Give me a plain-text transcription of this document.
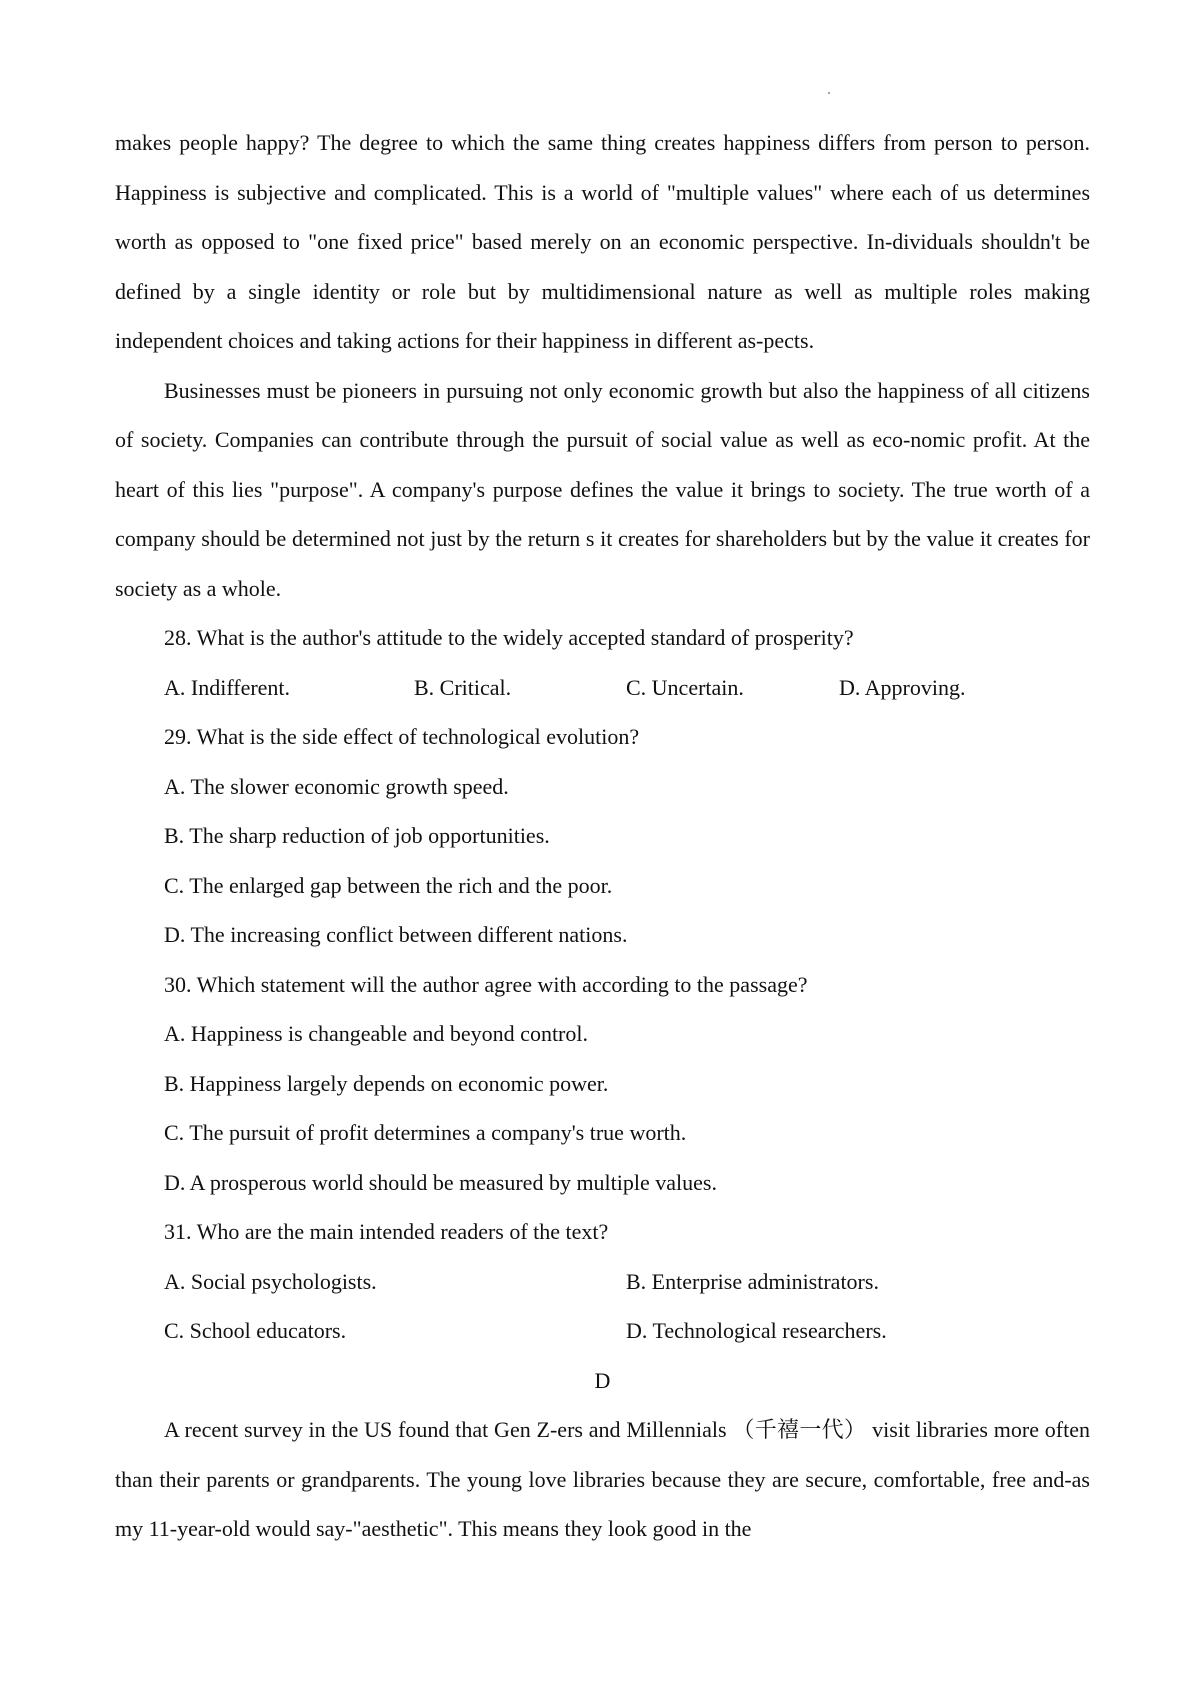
makes people happy? The degree to which the same thing creates happiness differs from person to person. Happiness is subjective and complicated. This is a world of "multiple values" where each of us determines worth as opposed to "one fixed price" based merely on an economic perspective. In-dividuals shouldn't be defined by a single identity or role but by multidimensional nature as well as multiple roles making independent choices and taking actions for their happiness in different as-pects.

Businesses must be pioneers in pursuing not only economic growth but also the happiness of all citizens of society. Companies can contribute through the pursuit of social value as well as eco-nomic profit. At the heart of this lies "purpose". A company's purpose defines the value it brings to society. The true worth of a company should be determined not just by the return s it creates for shareholders but by the value it creates for society as a whole.

28. What is the author's attitude to the widely accepted standard of prosperity?

A. Indifferent.	B. Critical.	C. Uncertain.	D. Approving.

29. What is the side effect of technological evolution?

A. The slower economic growth speed.

B. The sharp reduction of job opportunities.

C. The enlarged gap between the rich and the poor.

D. The increasing conflict between different nations.

30. Which statement will the author agree with according to the passage?

A. Happiness is changeable and beyond control.

B. Happiness largely depends on economic power.

C. The pursuit of profit determines a company's true worth.

D. A prosperous world should be measured by multiple values.

31. Who are the main intended readers of the text?

A. Social psychologists.	B. Enterprise administrators.
C. School educators.	D. Technological researchers.

D

A recent survey in the US found that Gen Z-ers and Millennials （千禧一代） visit libraries more often than their parents or grandparents. The young love libraries because they are secure, comfortable, free and-as my 11-year-old would say-"aesthetic". This means they look good in the
